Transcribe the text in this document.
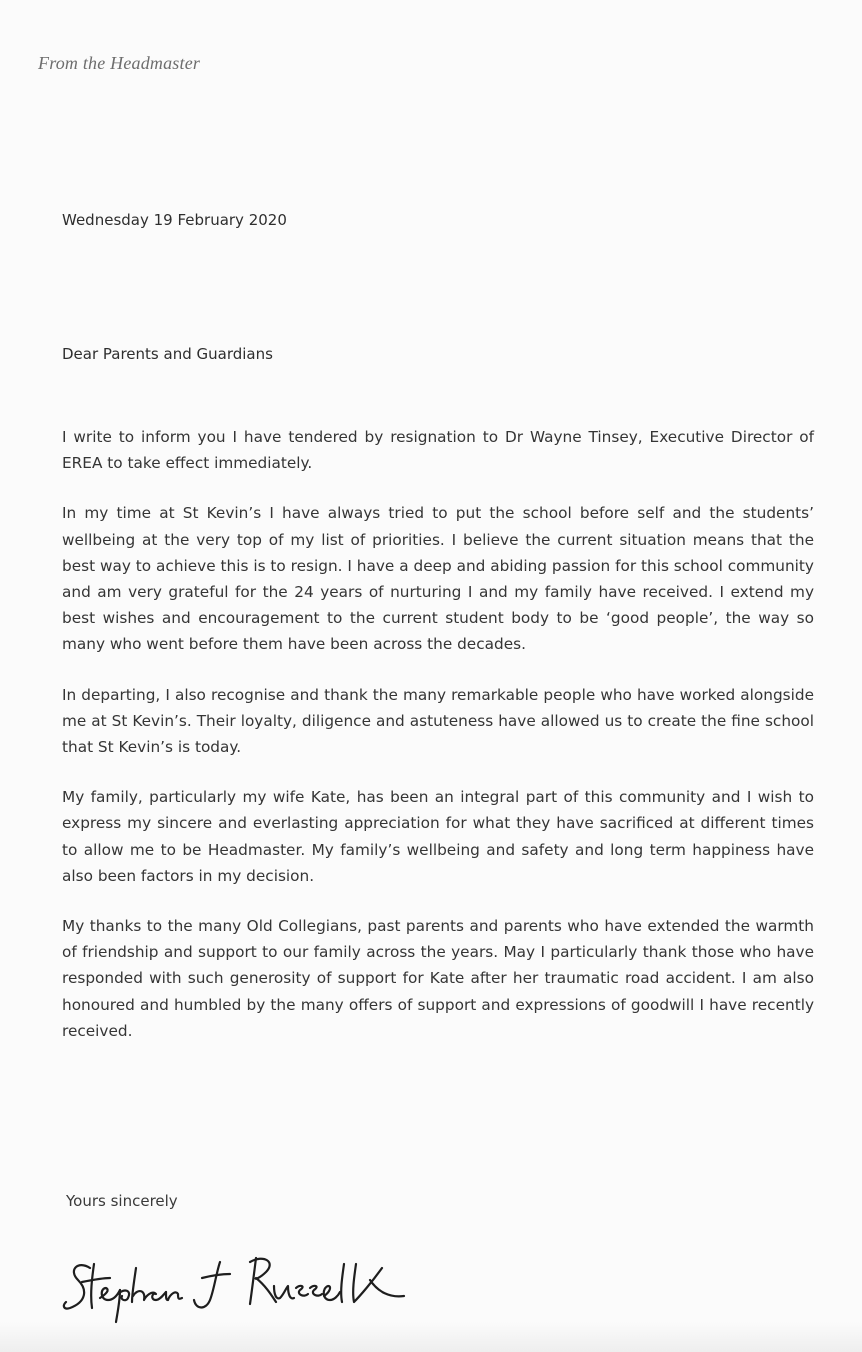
From the Headmaster
Wednesday 19 February 2020
Dear Parents and Guardians

I write to inform you I have tendered by resignation to Dr Wayne Tinsey, Executive Director of EREA to take effect immediately.

In my time at St Kevin’s I have always tried to put the school before self and the students’ wellbeing at the very top of my list of priorities. I believe the current situation means that the best way to achieve this is to resign. I have a deep and abiding passion for this school community and am very grateful for the 24 years of nurturing I and my family have received. I extend my best wishes and encouragement to the current student body to be ‘good people’, the way so many who went before them have been across the decades.

In departing, I also recognise and thank the many remarkable people who have worked alongside me at St Kevin’s. Their loyalty, diligence and astuteness have allowed us to create the fine school that St Kevin’s is today.

My family, particularly my wife Kate, has been an integral part of this community and I wish to express my sincere and everlasting appreciation for what they have sacrificed at different times to allow me to be Headmaster. My family’s wellbeing and safety and long term happiness have also been factors in my decision.

My thanks to the many Old Collegians, past parents and parents who have extended the warmth of friendship and support to our family across the years. May I particularly thank those who have responded with such generosity of support for Kate after her traumatic road accident. I am also honoured and humbled by the many offers of support and expressions of goodwill I have recently received.

Yours sincerely
